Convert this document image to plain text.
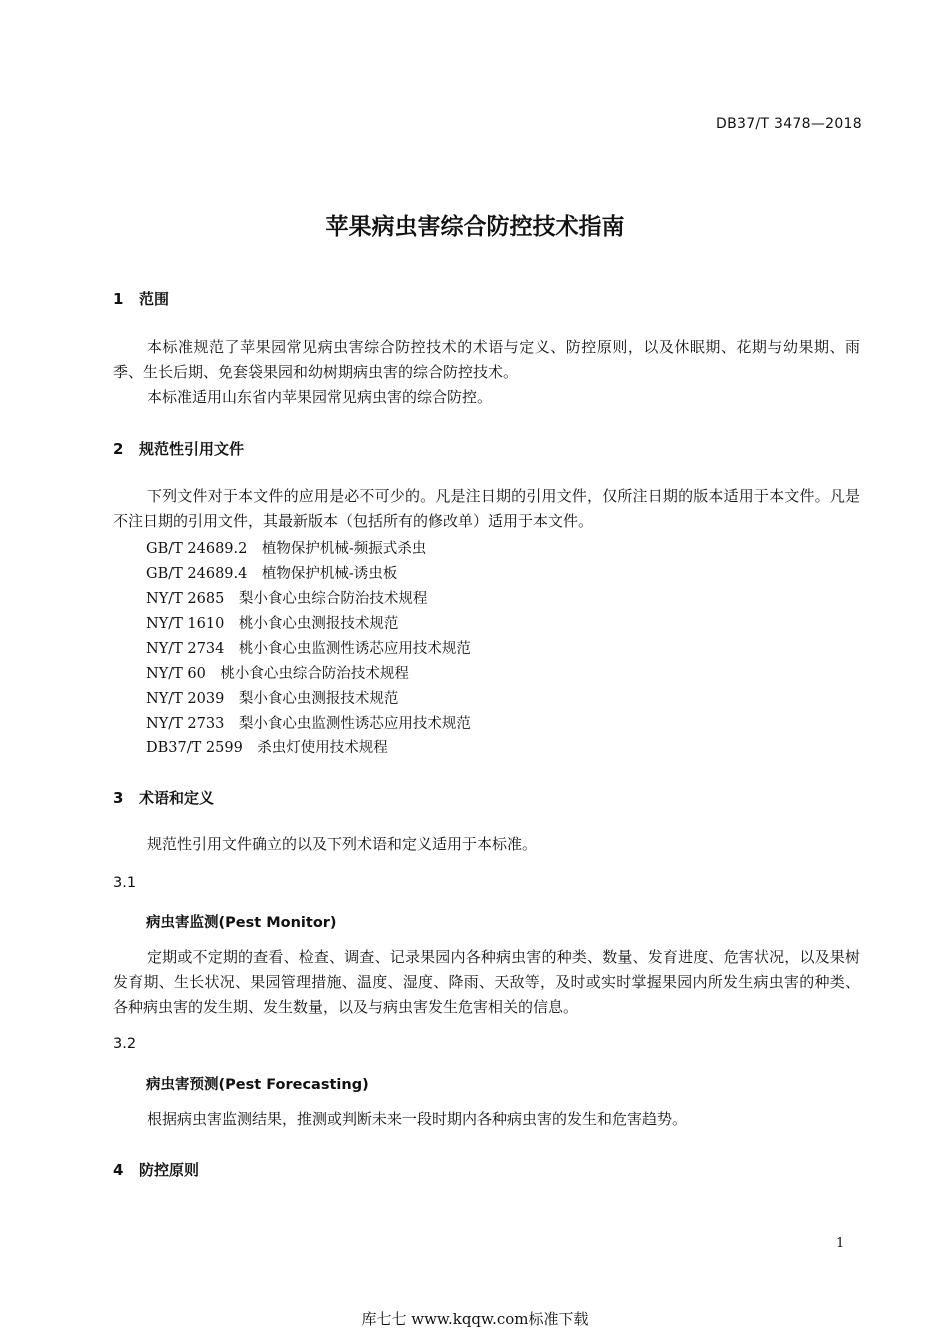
DB37/T 3478—2018
苹果病虫害综合防控技术指南
1 范围
本标准规范了苹果园常见病虫害综合防控技术的术语与定义、防控原则，以及休眠期、花期与幼果期、雨季、生长后期、免套袋果园和幼树期病虫害的综合防控技术。
本标准适用山东省内苹果园常见病虫害的综合防控。
2 规范性引用文件
下列文件对于本文件的应用是必不可少的。凡是注日期的引用文件，仅所注日期的版本适用于本文件。凡是不注日期的引用文件，其最新版本（包括所有的修改单）适用于本文件。
GB/T 24689.2　植物保护机械-频振式杀虫
GB/T 24689.4　植物保护机械-诱虫板
NY/T 2685　梨小食心虫综合防治技术规程
NY/T 1610　桃小食心虫测报技术规范
NY/T 2734　桃小食心虫监测性诱芯应用技术规范
NY/T 60　桃小食心虫综合防治技术规程
NY/T 2039　梨小食心虫测报技术规范
NY/T 2733　梨小食心虫监测性诱芯应用技术规范
DB37/T 2599　杀虫灯使用技术规程
3 术语和定义
规范性引用文件确立的以及下列术语和定义适用于本标准。
3.1
病虫害监测(Pest Monitor)
定期或不定期的查看、检查、调查、记录果园内各种病虫害的种类、数量、发育进度、危害状况，以及果树发育期、生长状况、果园管理措施、温度、湿度、降雨、天敌等，及时或实时掌握果园内所发生病虫害的种类、各种病虫害的发生期、发生数量，以及与病虫害发生危害相关的信息。
3.2
病虫害预测(Pest Forecasting)
根据病虫害监测结果，推测或判断未来一段时期内各种病虫害的发生和危害趋势。
4 防控原则
1
库七七 www.kqqw.com标准下载
